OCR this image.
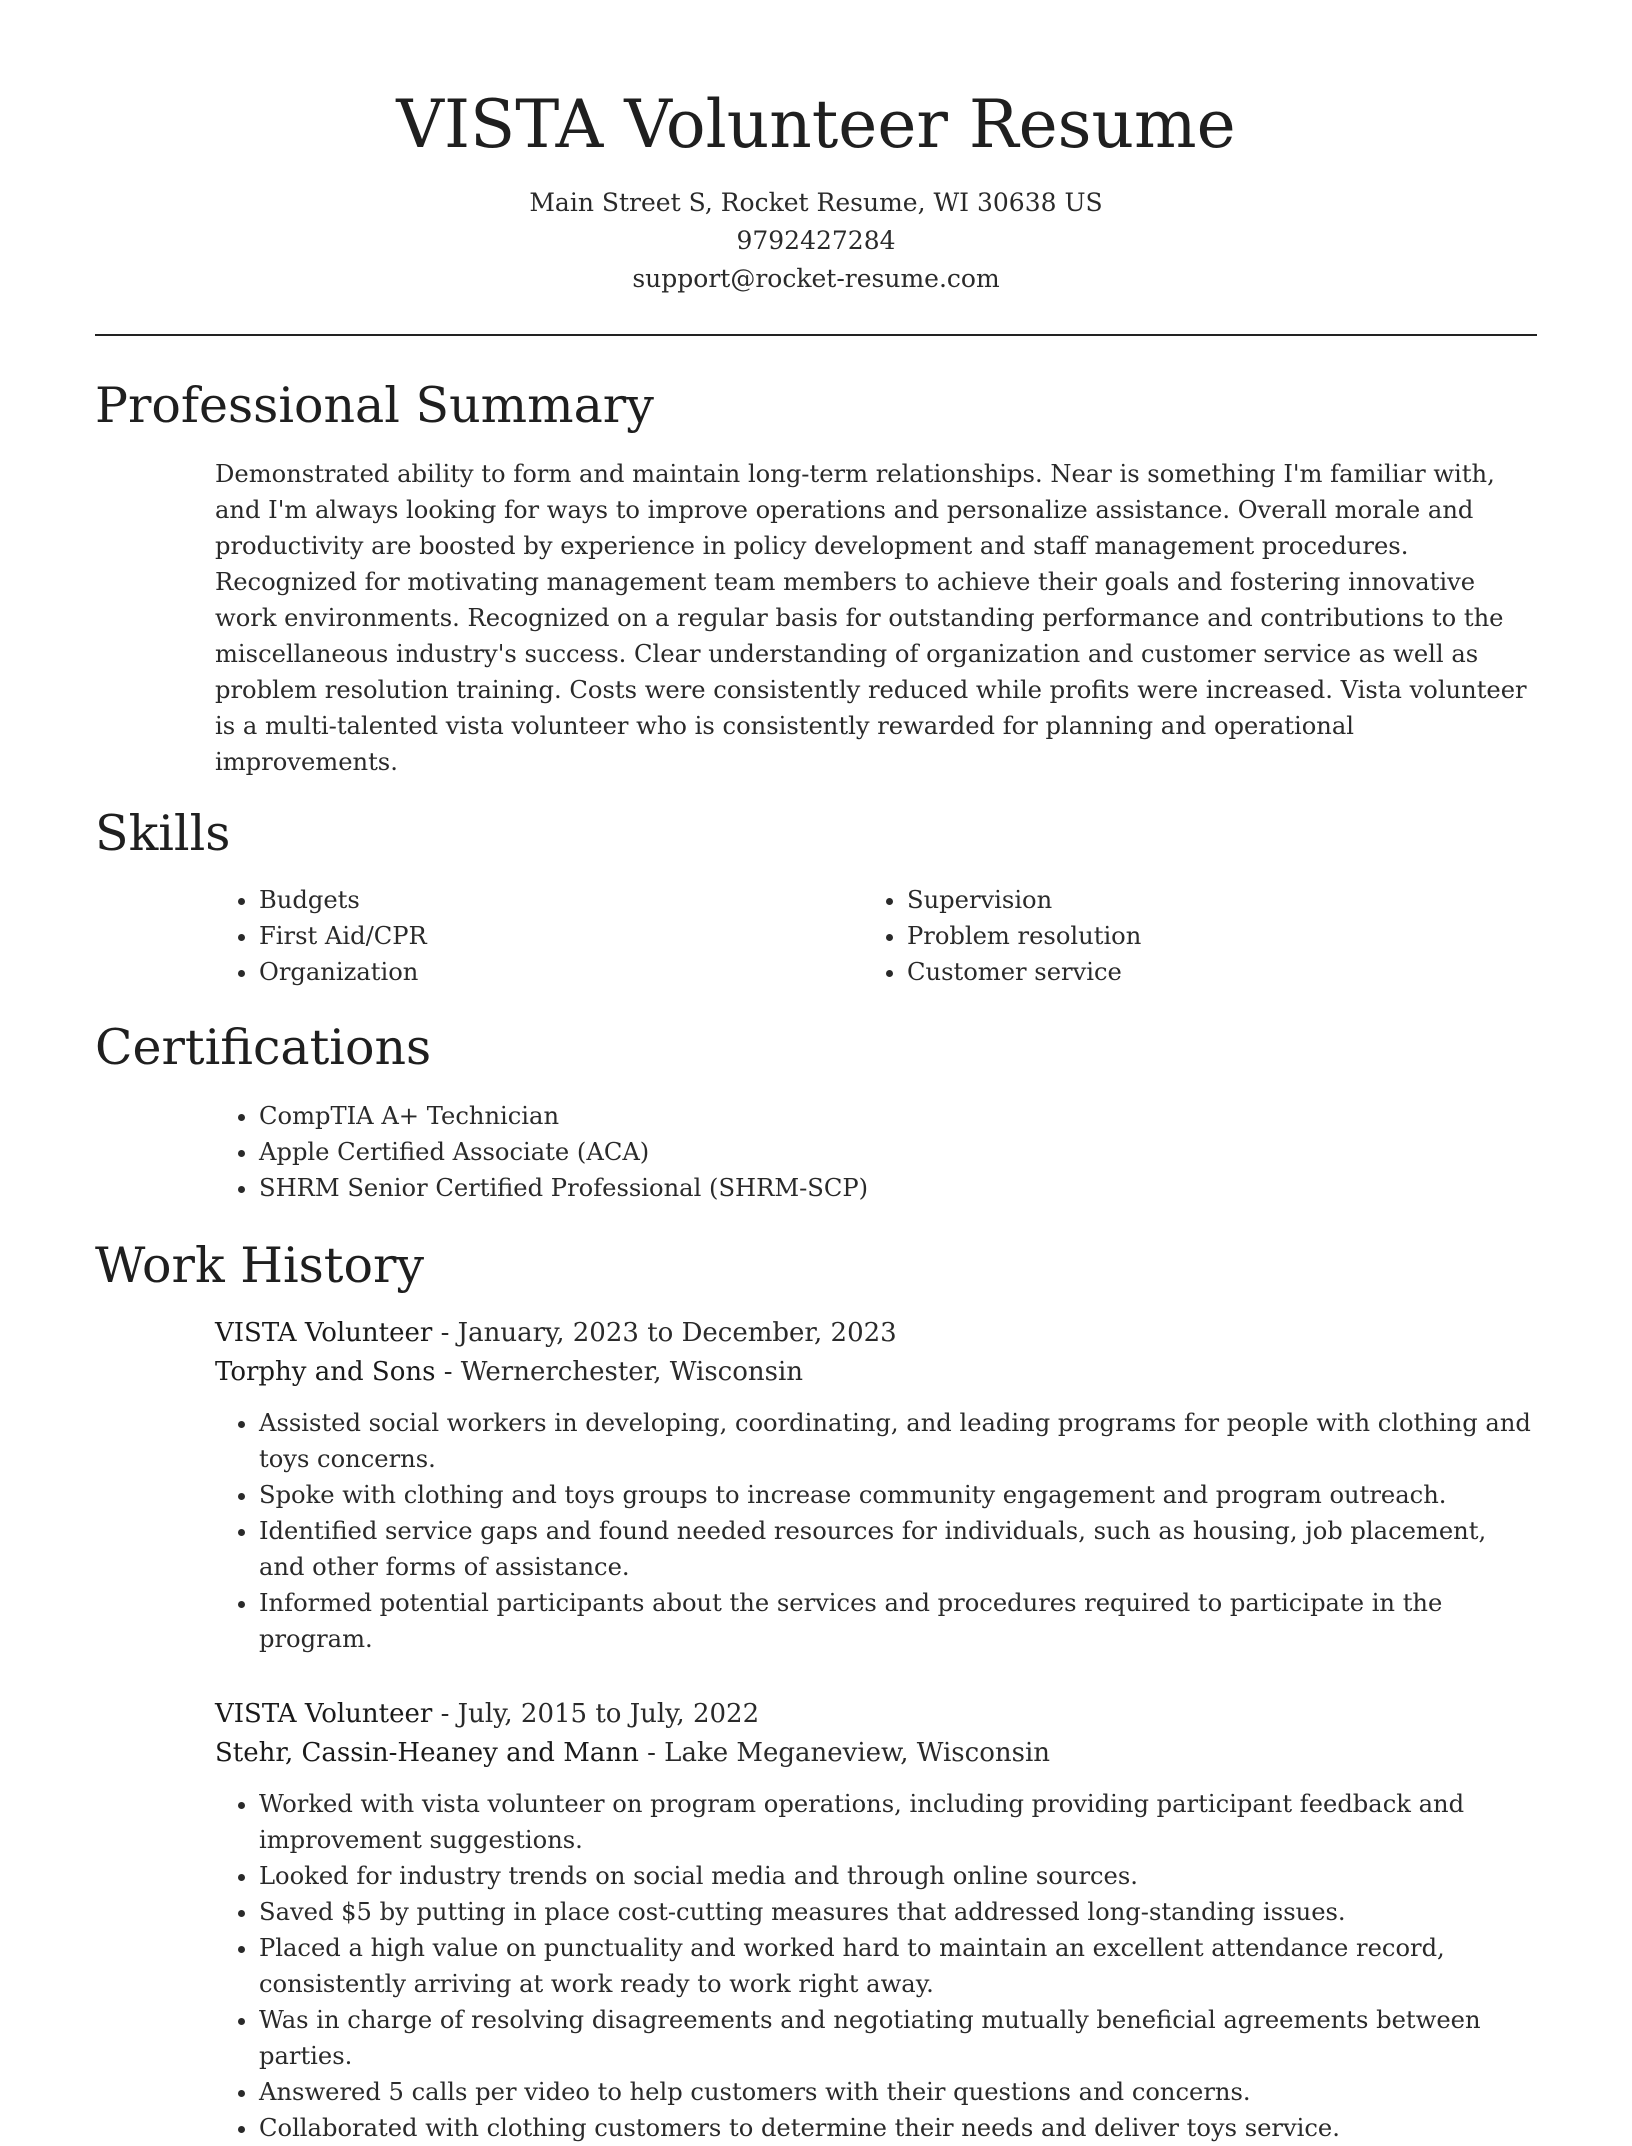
VISTA Volunteer Resume
Main Street S, Rocket Resume, WI 30638 US
9792427284
support@rocket-resume.com
Professional Summary

Demonstrated ability to form and maintain long-term relationships. Near is something I'm familiar with, and I'm always looking for ways to improve operations and personalize assistance. Overall morale and productivity are boosted by experience in policy development and staff management procedures. Recognized for motivating management team members to achieve their goals and fostering innovative work environments. Recognized on a regular basis for outstanding performance and contributions to the miscellaneous industry's success. Clear understanding of organization and customer service as well as problem resolution training. Costs were consistently reduced while profits were increased. Vista volunteer is a multi-talented vista volunteer who is consistently rewarded for planning and operational improvements.

Skills
• Budgets
• First Aid/CPR
• Organization
• Supervision
• Problem resolution
• Customer service
Certifications
• CompTIA A+ Technician
• Apple Certified Associate (ACA)
• SHRM Senior Certified Professional (SHRM-SCP)
Work History
VISTA Volunteer - January, 2023 to December, 2023
Torphy and Sons - Wernerchester, Wisconsin
• Assisted social workers in developing, coordinating, and leading programs for people with clothing and toys concerns.
• Spoke with clothing and toys groups to increase community engagement and program outreach.
• Identified service gaps and found needed resources for individuals, such as housing, job placement, and other forms of assistance.
• Informed potential participants about the services and procedures required to participate in the program.
VISTA Volunteer - July, 2015 to July, 2022
Stehr, Cassin-Heaney and Mann - Lake Meganeview, Wisconsin
• Worked with vista volunteer on program operations, including providing participant feedback and improvement suggestions.
• Looked for industry trends on social media and through online sources.
• Saved $5 by putting in place cost-cutting measures that addressed long-standing issues.
• Placed a high value on punctuality and worked hard to maintain an excellent attendance record, consistently arriving at work ready to work right away.
• Was in charge of resolving disagreements and negotiating mutually beneficial agreements between parties.
• Answered 5 calls per video to help customers with their questions and concerns.
• Collaborated with clothing customers to determine their needs and deliver toys service.
